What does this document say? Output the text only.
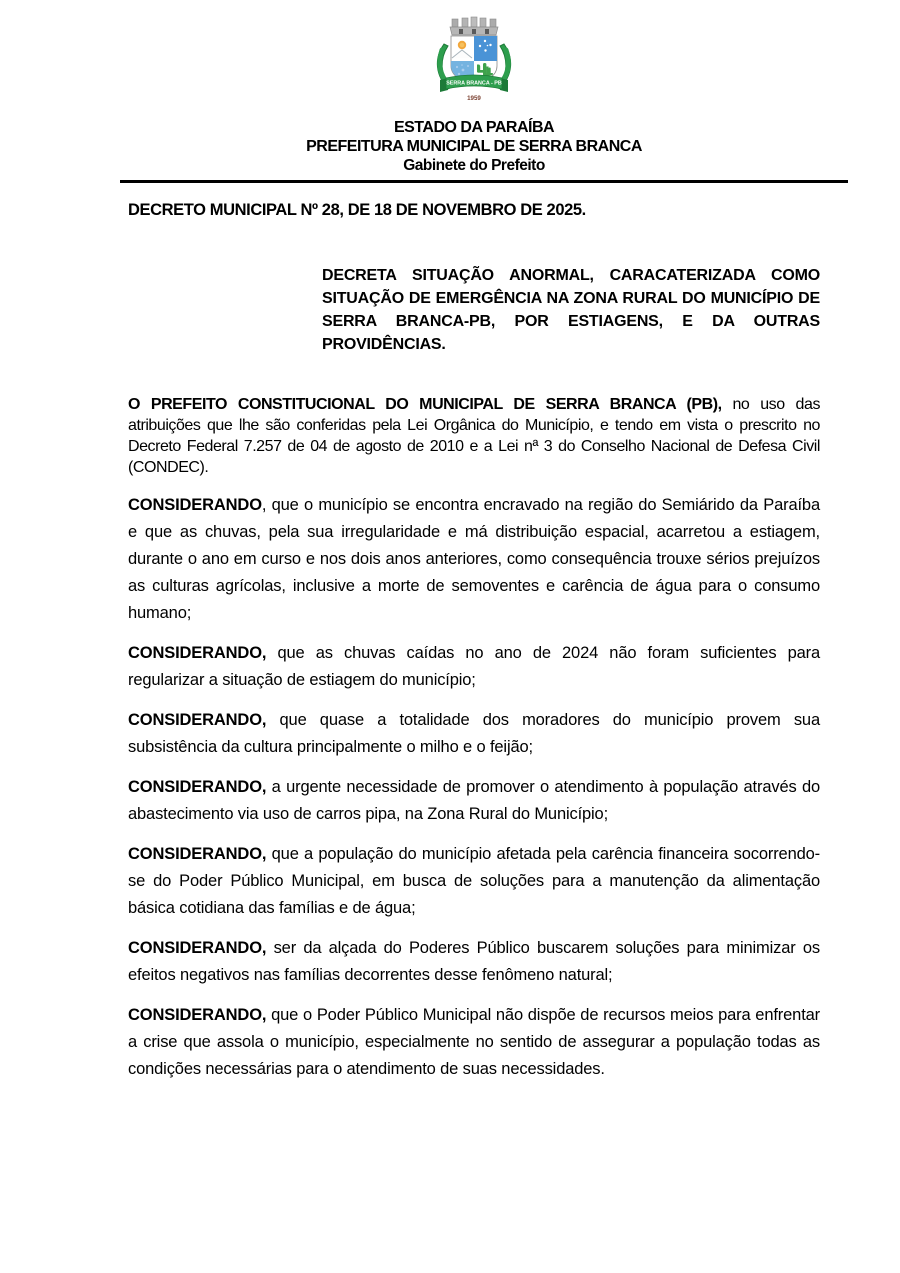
SERRA BRANCA - PB
1959
ESTADO DA PARAÍBA
PREFEITURA MUNICIPAL DE SERRA BRANCA
Gabinete do Prefeito
DECRETO MUNICIPAL Nº 28, DE 18 DE NOVEMBRO DE 2025.
DECRETA SITUAÇÃO ANORMAL, CARACATERIZADA COMO SITUAÇÃO DE EMERGÊNCIA NA ZONA RURAL DO MUNICÍPIO DE SERRA BRANCA-PB, POR ESTIAGENS, E DA OUTRAS PROVIDÊNCIAS.

O PREFEITO CONSTITUCIONAL DO MUNICIPAL DE SERRA BRANCA (PB), no uso das atribuições que lhe são conferidas pela Lei Orgânica do Município, e tendo em vista o prescrito no Decreto Federal 7.257 de 04 de agosto de 2010 e a Lei nª 3 do Conselho Nacional de Defesa Civil (CONDEC).

CONSIDERANDO, que o município se encontra encravado na região do Semiárido da Paraíba e que as chuvas, pela sua irregularidade e má distribuição espacial, acarretou a estiagem, durante o ano em curso e nos dois anos anteriores, como consequência trouxe sérios prejuízos as culturas agrícolas, inclusive a morte de semoventes e carência de água para o consumo humano;

CONSIDERANDO, que as chuvas caídas no ano de 2024 não foram suficientes para regularizar a situação de estiagem do município;

CONSIDERANDO, que quase a totalidade dos moradores do município provem sua subsistência da cultura principalmente o milho e o feijão;

CONSIDERANDO, a urgente necessidade de promover o atendimento à população através do abastecimento via uso de carros pipa, na Zona Rural do Município;

CONSIDERANDO, que a população do município afetada pela carência financeira socorrendo-se do Poder Público Municipal, em busca de soluções para a manutenção da alimentação básica cotidiana das famílias e de água;

CONSIDERANDO, ser da alçada do Poderes Público buscarem soluções para minimizar os efeitos negativos nas famílias decorrentes desse fenômeno natural;

CONSIDERANDO, que o Poder Público Municipal não dispõe de recursos meios para enfrentar a crise que assola o município, especialmente no sentido de assegurar a população todas as condições necessárias para o atendimento de suas necessidades.
